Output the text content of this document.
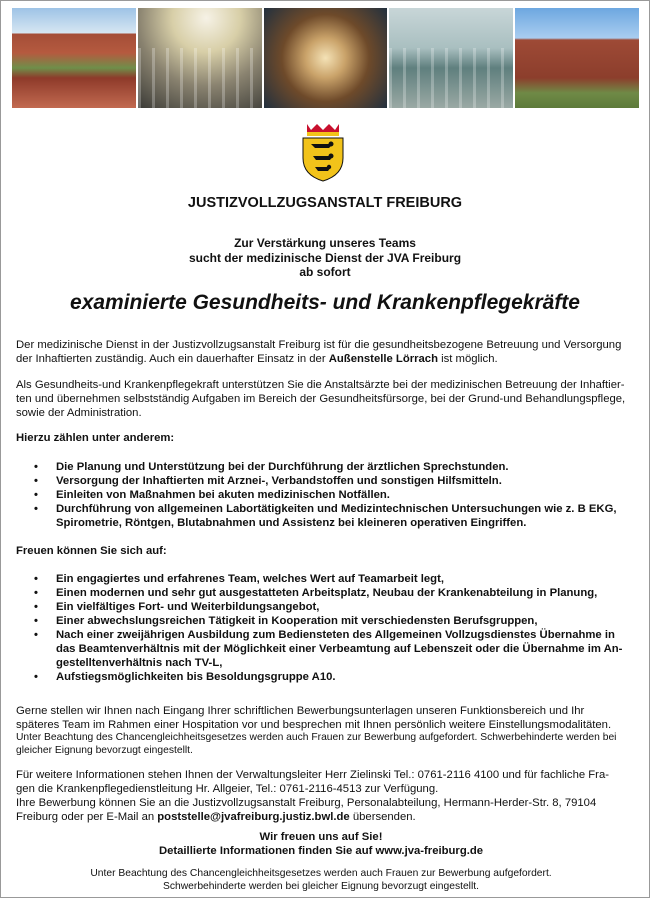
JUSTIZVOLLZUGSANSTALT FREIBURG
Zur Verstärkung unseres Teams
sucht der medizinische Dienst der JVA Freiburg
ab sofort
examinierte Gesundheits- und Krankenpflegekräfte

Der medizinische Dienst in der Justizvollzugsanstalt Freiburg ist für die gesundheitsbezogene Betreuung und Versorgung der Inhaftierten zuständig. Auch ein dauerhafter Einsatz in der Außenstelle Lörrach ist möglich.

Als Gesundheits-und Krankenpflegekraft unterstützen Sie die Anstaltsärzte bei der medizinischen Betreuung der Inhaftier-ten und übernehmen selbstständig Aufgaben im Bereich der Gesundheitsfürsorge, bei der Grund-und Behandlungspflege, sowie der Administration.

Hierzu zählen unter anderem:

• Die Planung und Unterstützung bei der Durchführung der ärztlichen Sprechstunden.
• Versorgung der Inhaftierten mit Arznei-, Verbandstoffen und sonstigen Hilfsmitteln.
• Einleiten von Maßnahmen bei akuten medizinischen Notfällen.
• Durchführung von allgemeinen Labortätigkeiten und Medizintechnischen Untersuchungen wie z. B EKG, Spirometrie, Röntgen, Blutabnahmen und Assistenz bei kleineren operativen Eingriffen.

Freuen können Sie sich auf:

• Ein engagiertes und erfahrenes Team, welches Wert auf Teamarbeit legt,
• Einen modernen und sehr gut ausgestatteten Arbeitsplatz, Neubau der Krankenabteilung in Planung,
• Ein vielfältiges Fort- und Weiterbildungsangebot,
• Einer abwechslungsreichen Tätigkeit in Kooperation mit verschiedensten Berufsgruppen,
• Nach einer zweijährigen Ausbildung zum Bediensteten des Allgemeinen Vollzugsdienstes Übernahme in das Beamtenverhältnis mit der Möglichkeit einer Verbeamtung auf Lebenszeit oder die Übernahme im An-gestelltenverhältnis nach TV-L,
• Aufstiegsmöglichkeiten bis Besoldungsgruppe A10.

Gerne stellen wir Ihnen nach Eingang Ihrer schriftlichen Bewerbungsunterlagen unseren Funktionsbereich und Ihr späteres Team im Rahmen einer Hospitation vor und besprechen mit Ihnen persönlich weitere Einstellungsmodalitäten.

Unter Beachtung des Chancengleichheitsgesetzes werden auch Frauen zur Bewerbung aufgefordert. Schwerbehinderte werden bei gleicher Eignung bevorzugt eingestellt.

Für weitere Informationen stehen Ihnen der Verwaltungsleiter Herr Zielinski Tel.: 0761-2116 4100 und für fachliche Fra-gen die Krankenpflegedienstleitung Hr. Allgeier, Tel.: 0761-2116-4513 zur Verfügung.
Ihre Bewerbung können Sie an die Justizvollzugsanstalt Freiburg, Personalabteilung, Hermann-Herder-Str. 8, 79104 Freiburg oder per E-Mail an poststelle@jvafreiburg.justiz.bwl.de übersenden.

Wir freuen uns auf Sie!
Detaillierte Informationen finden Sie auf www.jva-freiburg.de
Unter Beachtung des Chancengleichheitsgesetzes werden auch Frauen zur Bewerbung aufgefordert.
Schwerbehinderte werden bei gleicher Eignung bevorzugt eingestellt.
